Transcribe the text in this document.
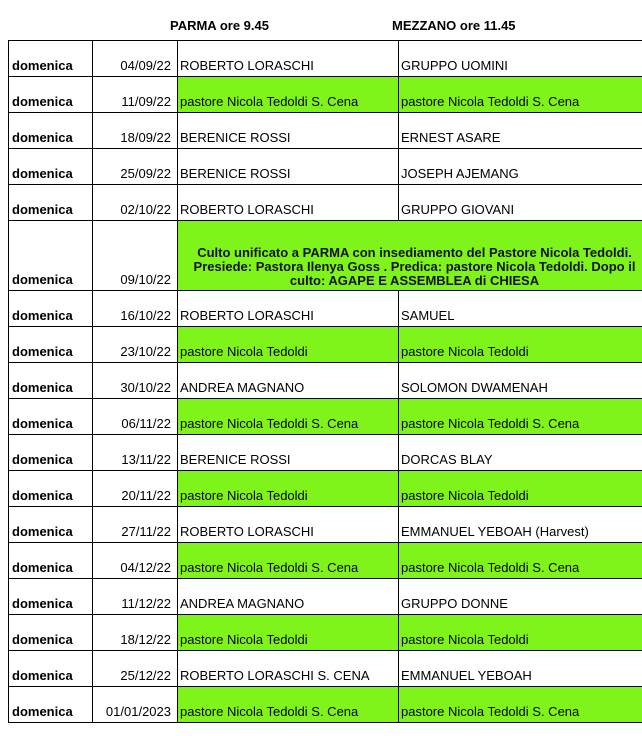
PARMA ore 9.45	MEZZANO ore 11.45
domenica	04/09/22	ROBERTO LORASCHI	GRUPPO UOMINI
domenica	11/09/22	pastore Nicola Tedoldi S. Cena	pastore Nicola Tedoldi S. Cena
domenica	18/09/22	BERENICE ROSSI	ERNEST ASARE
domenica	25/09/22	BERENICE ROSSI	JOSEPH AJEMANG
domenica	02/10/22	ROBERTO LORASCHI	GRUPPO GIOVANI
domenica	09/10/22	Culto unificato a PARMA con insediamento del Pastore Nicola Tedoldi. Presiede: Pastora Ilenya Goss . Predica: pastore Nicola Tedoldi. Dopo il culto: AGAPE E ASSEMBLEA di CHIESA	
domenica	16/10/22	ROBERTO LORASCHI	SAMUEL
domenica	23/10/22	pastore Nicola Tedoldi	pastore Nicola Tedoldi
domenica	30/10/22	ANDREA MAGNANO	SOLOMON DWAMENAH
domenica	06/11/22	pastore Nicola Tedoldi S. Cena	pastore Nicola Tedoldi S. Cena
domenica	13/11/22	BERENICE ROSSI	DORCAS BLAY
domenica	20/11/22	pastore Nicola Tedoldi	pastore Nicola Tedoldi
domenica	27/11/22	ROBERTO LORASCHI	EMMANUEL YEBOAH (Harvest)
domenica	04/12/22	pastore Nicola Tedoldi S. Cena	pastore Nicola Tedoldi S. Cena
domenica	11/12/22	ANDREA MAGNANO	GRUPPO DONNE
domenica	18/12/22	pastore Nicola Tedoldi	pastore Nicola Tedoldi
domenica	25/12/22	ROBERTO LORASCHI S. CENA	EMMANUEL YEBOAH
domenica	01/01/2023	pastore Nicola Tedoldi S. Cena	pastore Nicola Tedoldi S. Cena
